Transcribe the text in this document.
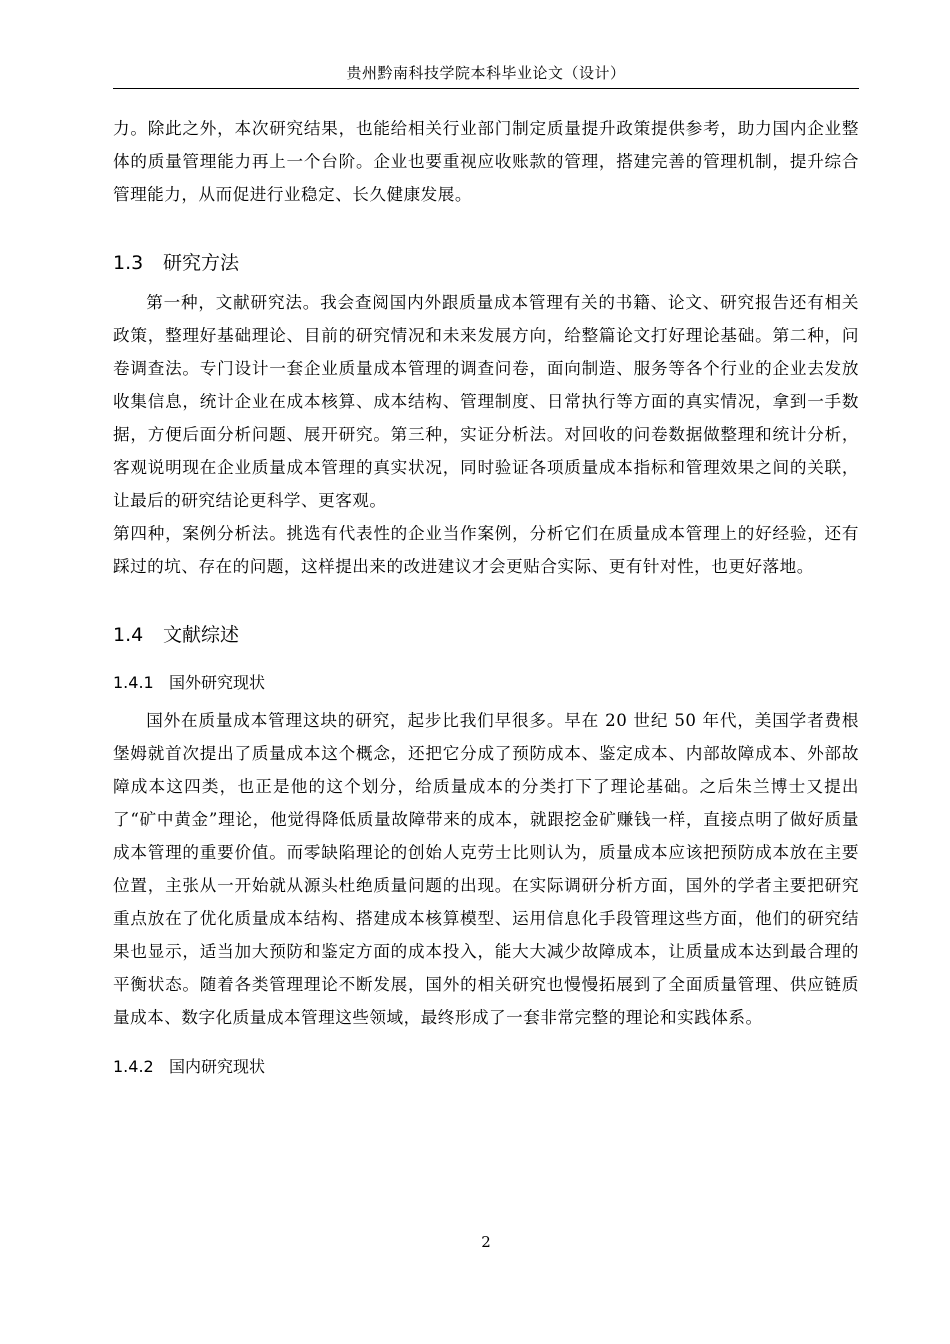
贵州黔南科技学院本科毕业论文（设计）

力。除此之外，本次研究结果，也能给相关行业部门制定质量提升政策提供参考，助力国内企业整体的质量管理能力再上一个台阶。企业也要重视应收账款的管理，搭建完善的管理机制，提升综合管理能力，从而促进行业稳定、长久健康发展。

1.3 研究方法

第一种，文献研究法。我会查阅国内外跟质量成本管理有关的书籍、论文、研究报告还有相关政策，整理好基础理论、目前的研究情况和未来发展方向，给整篇论文打好理论基础。第二种，问卷调查法。专门设计一套企业质量成本管理的调查问卷，面向制造、服务等各个行业的企业去发放收集信息，统计企业在成本核算、成本结构、管理制度、日常执行等方面的真实情况，拿到一手数据，方便后面分析问题、展开研究。第三种，实证分析法。对回收的问卷数据做整理和统计分析，客观说明现在企业质量成本管理的真实状况，同时验证各项质量成本指标和管理效果之间的关联，让最后的研究结论更科学、更客观。

第四种，案例分析法。挑选有代表性的企业当作案例，分析它们在质量成本管理上的好经验，还有踩过的坑、存在的问题，这样提出来的改进建议才会更贴合实际、更有针对性，也更好落地。

1.4 文献综述
1.4.1 国外研究现状

国外在质量成本管理这块的研究，起步比我们早很多。早在 20 世纪 50 年代，美国学者费根堡姆就首次提出了质量成本这个概念，还把它分成了预防成本、鉴定成本、内部故障成本、外部故障成本这四类，也正是他的这个划分，给质量成本的分类打下了理论基础。之后朱兰博士又提出了“矿中黄金”理论，他觉得降低质量故障带来的成本，就跟挖金矿赚钱一样，直接点明了做好质量成本管理的重要价值。而零缺陷理论的创始人克劳士比则认为，质量成本应该把预防成本放在主要位置，主张从一开始就从源头杜绝质量问题的出现。在实际调研分析方面，国外的学者主要把研究重点放在了优化质量成本结构、搭建成本核算模型、运用信息化手段管理这些方面，他们的研究结果也显示，适当加大预防和鉴定方面的成本投入，能大大减少故障成本，让质量成本达到最合理的平衡状态。随着各类管理理论不断发展，国外的相关研究也慢慢拓展到了全面质量管理、供应链质量成本、数字化质量成本管理这些领域，最终形成了一套非常完整的理论和实践体系。

1.4.2 国内研究现状
2
